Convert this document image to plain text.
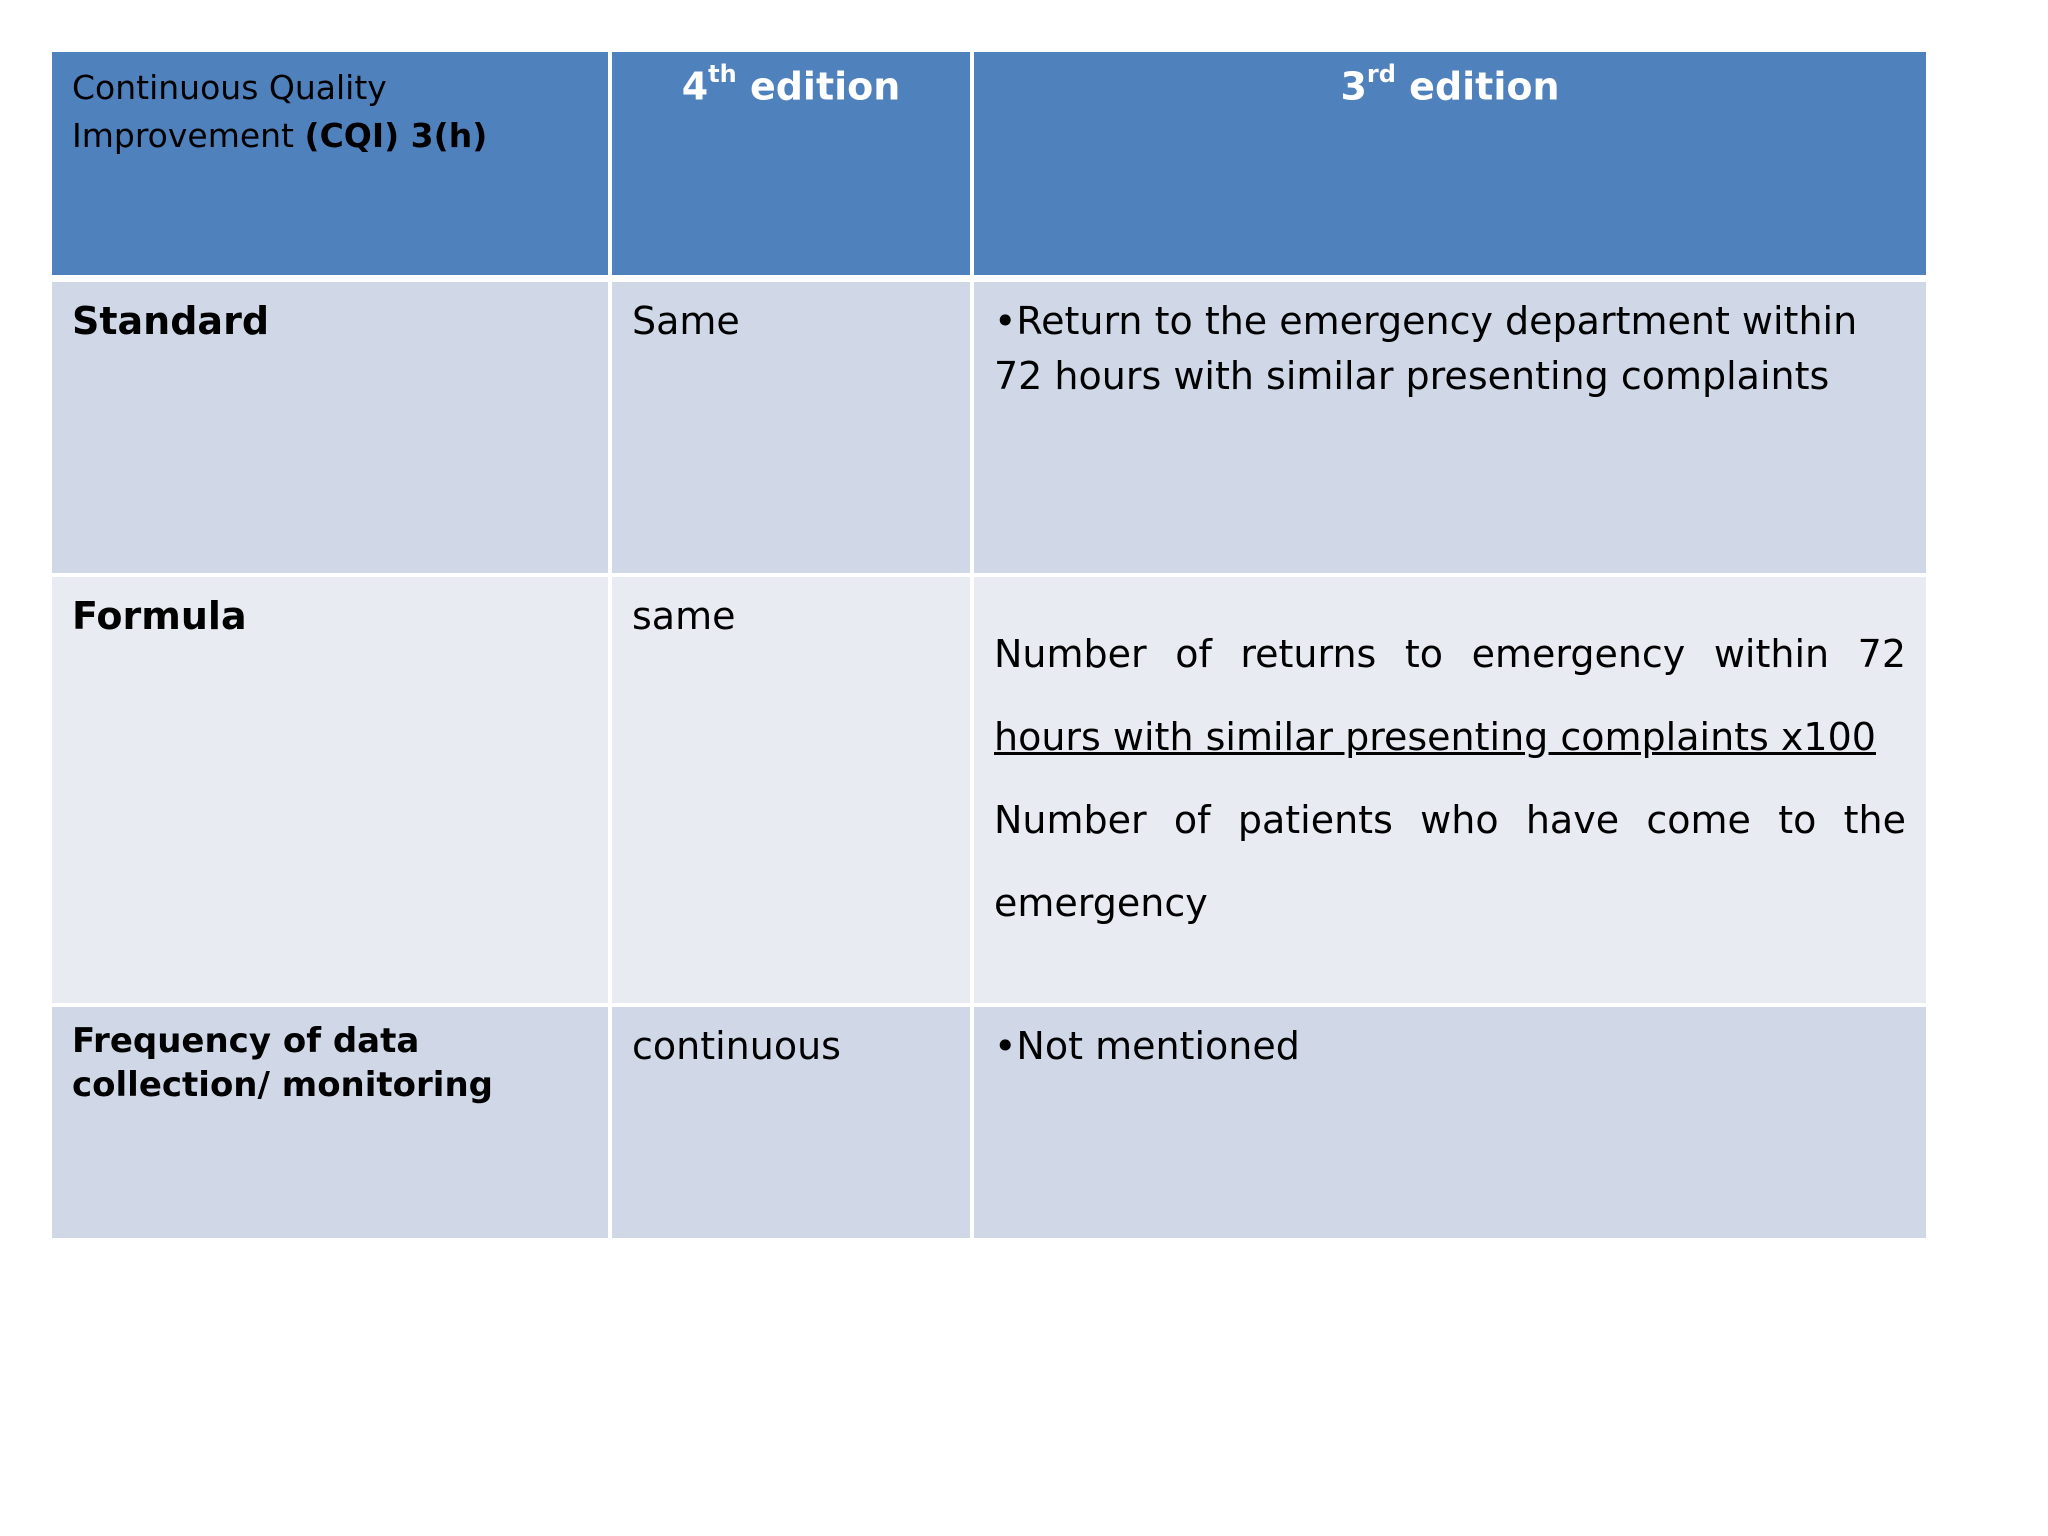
Continuous Quality Improvement (CQI) 3(h)	4th edition	3rd edition
Standard	Same	•Return to the emergency department within 72 hours with similar presenting complaints
Formula	same	Number of returns to emergency within 72
hours with similar presenting complaints x100
Number of patients who have come to the
emergency

Frequency of data collection/ monitoring	continuous	•Not mentioned
